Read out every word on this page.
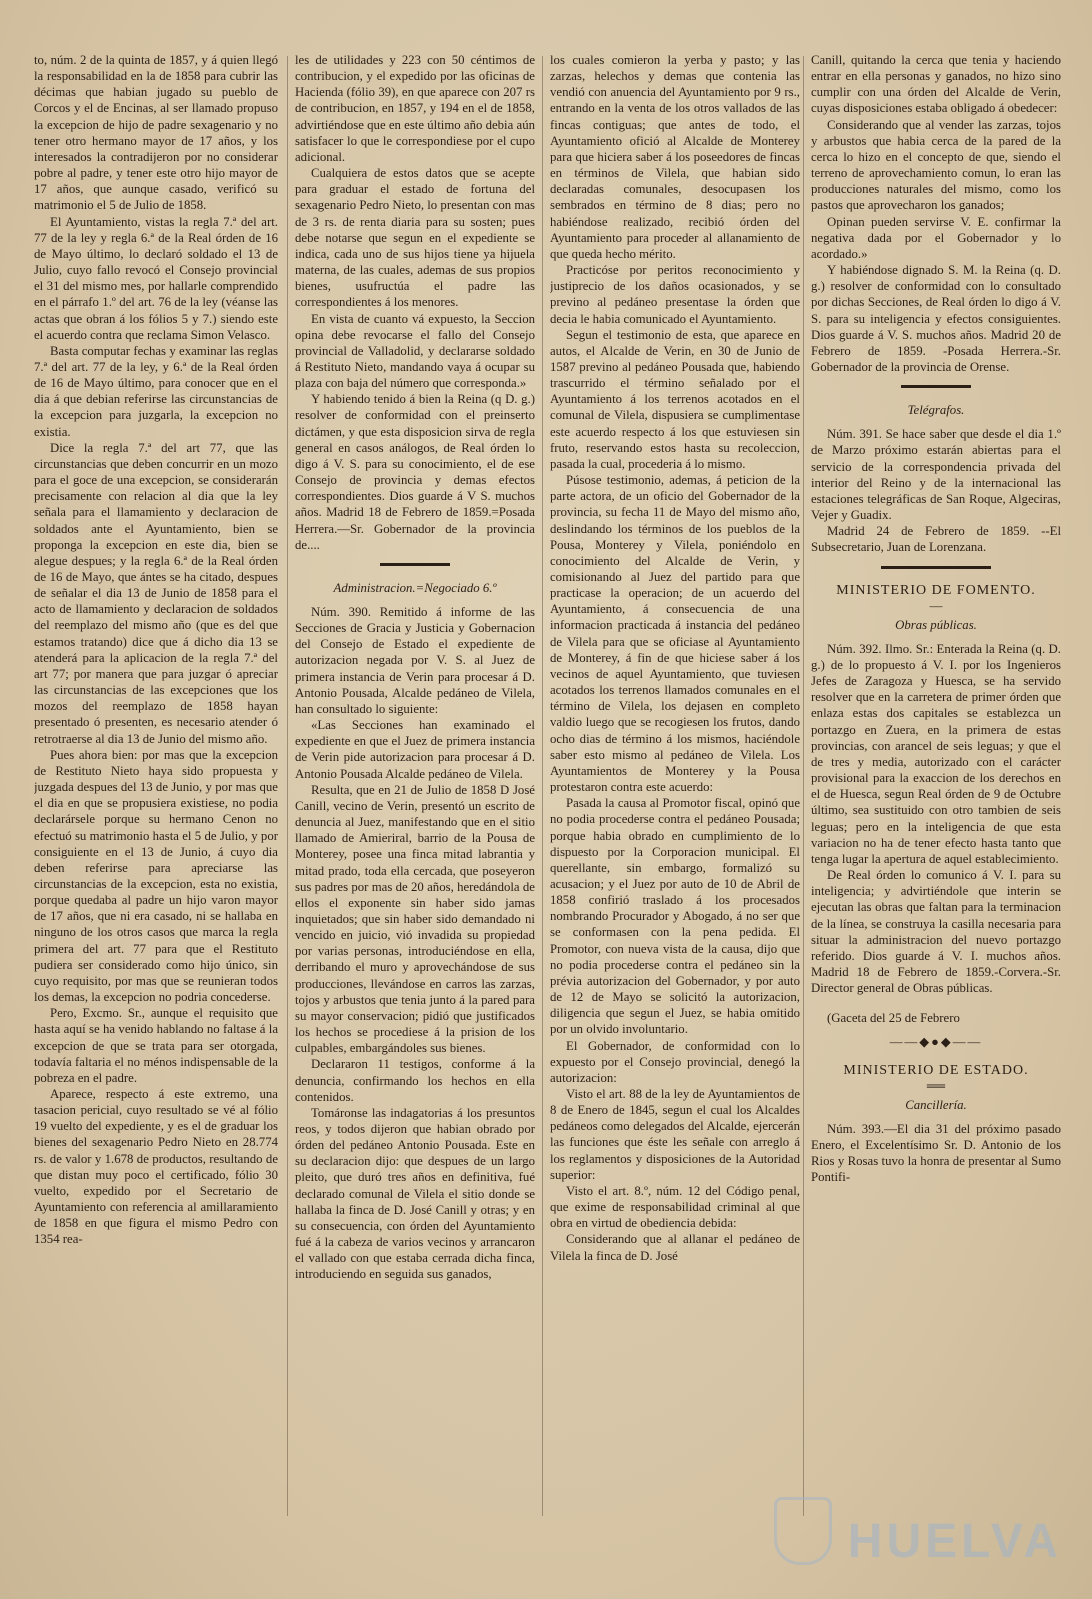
to, núm. 2 de la quinta de 1857, y á quien llegó la responsabilidad en la de 1858 para cubrir las décimas que habian jugado su pueblo de Corcos y el de Encinas, al ser llamado propuso la excepcion de hijo de padre sexagenario y no tener otro hermano mayor de 17 años, y los interesados la contradijeron por no considerar pobre al padre, y tener este otro hijo mayor de 17 años, que aunque casado, verificó su matrimonio el 5 de Julio de 1858.

El Ayuntamiento, vistas la regla 7.ª del art. 77 de la ley y regla 6.ª de la Real órden de 16 de Mayo último, lo declaró soldado el 13 de Julio, cuyo fallo revocó el Consejo provincial el 31 del mismo mes, por hallarle comprendido en el párrafo 1.º del art. 76 de la ley (véanse las actas que obran á los fólios 5 y 7.) siendo este el acuerdo contra que reclama Simon Velasco.

Basta computar fechas y examinar las reglas 7.ª del art. 77 de la ley, y 6.ª de la Real órden de 16 de Mayo último, para conocer que en el dia á que debian referirse las circunstancias de la excepcion para juzgarla, la excepcion no existia.

Dice la regla 7.ª del art 77, que las circunstancias que deben concurrir en un mozo para el goce de una excepcion, se considerarán precisamente con relacion al dia que la ley señala para el llamamiento y declaracion de soldados ante el Ayuntamiento, bien se proponga la excepcion en este dia, bien se alegue despues; y la regla 6.ª de la Real órden de 16 de Mayo, que ántes se ha citado, despues de señalar el dia 13 de Junio de 1858 para el acto de llamamiento y declaracion de soldados del reemplazo del mismo año (que es del que estamos tratando) dice que á dicho dia 13 se atenderá para la aplicacion de la regla 7.ª del art 77; por manera que para juzgar ó apreciar las circunstancias de las excepciones que los mozos del reemplazo de 1858 hayan presentado ó presenten, es necesario atender ó retrotraerse al dia 13 de Junio del mismo año.

Pues ahora bien: por mas que la excepcion de Restituto Nieto haya sido propuesta y juzgada despues del 13 de Junio, y por mas que el dia en que se propusiera existiese, no podia declarársele porque su hermano Cenon no efectuó su matrimonio hasta el 5 de Julio, y por consiguiente en el 13 de Junio, á cuyo dia deben referirse para apreciarse las circunstancias de la excepcion, esta no existia, porque quedaba al padre un hijo varon mayor de 17 años, que ni era casado, ni se hallaba en ninguno de los otros casos que marca la regla primera del art. 77 para que el Restituto pudiera ser considerado como hijo único, sin cuyo requisito, por mas que se reunieran todos los demas, la excepcion no podria concederse.

Pero, Excmo. Sr., aunque el requisito que hasta aquí se ha venido hablando no faltase á la excepcion de que se trata para ser otorgada, todavía faltaria el no ménos indispensable de la pobreza en el padre.

Aparece, respecto á este extremo, una tasacion pericial, cuyo resultado se vé al fólio 19 vuelto del expediente, y es el de graduar los bienes del sexagenario Pedro Nieto en 28.774 rs. de valor y 1.678 de productos, resultando de que distan muy poco el certificado, fólio 30 vuelto, expedido por el Secretario de Ayuntamiento con referencia al amillaramiento de 1858 en que figura el mismo Pedro con 1354 rea-

les de utilidades y 223 con 50 céntimos de contribucion, y el expedido por las oficinas de Hacienda (fólio 39), en que aparece con 207 rs de contribucion, en 1857, y 194 en el de 1858, advirtiéndose que en este último año debia aún satisfacer lo que le correspondiese por el cupo adicional.

Cualquiera de estos datos que se acepte para graduar el estado de fortuna del sexagenario Pedro Nieto, lo presentan con mas de 3 rs. de renta diaria para su sosten; pues debe notarse que segun en el expediente se indica, cada uno de sus hijos tiene ya hijuela materna, de las cuales, ademas de sus propios bienes, usufructúa el padre las correspondientes á los menores.

En vista de cuanto vá expuesto, la Seccion opina debe revocarse el fallo del Consejo provincial de Valladolid, y declararse soldado á Restituto Nieto, mandando vaya á ocupar su plaza con baja del número que corresponda.»

Y habiendo tenido á bien la Reina (q D. g.) resolver de conformidad con el preinserto dictámen, y que esta disposicion sirva de regla general en casos análogos, de Real órden lo digo á V. S. para su conocimiento, el de ese Consejo de provincia y demas efectos correspondientes. Dios guarde á V S. muchos años. Madrid 18 de Febrero de 1859.=Posada Herrera.—Sr. Gobernador de la provincia de....

Administracion.=Negociado 6.º

Núm. 390. Remitido á informe de las Secciones de Gracia y Justicia y Gobernacion del Consejo de Estado el expediente de autorizacion negada por V. S. al Juez de primera instancia de Verin para procesar á D. Antonio Pousada, Alcalde pedáneo de Vilela, han consultado lo siguiente:

«Las Secciones han examinado el expediente en que el Juez de primera instancia de Verin pide autorizacion para procesar á D. Antonio Pousada Alcalde pedáneo de Vilela.

Resulta, que en 21 de Julio de 1858 D José Canill, vecino de Verin, presentó un escrito de denuncia al Juez, manifestando que en el sitio llamado de Amieriral, barrio de la Pousa de Monterey, posee una finca mitad labrantia y mitad prado, toda ella cercada, que poseyeron sus padres por mas de 20 años, heredándola de ellos el exponente sin haber sido jamas inquietados; que sin haber sido demandado ni vencido en juicio, vió invadida su propiedad por varias personas, introduciéndose en ella, derribando el muro y aprovechándose de sus producciones, llevándose en carros las zarzas, tojos y arbustos que tenia junto á la pared para su mayor conservacion; pidió que justificados los hechos se procediese á la prision de los culpables, embargándoles sus bienes.

Declararon 11 testigos, conforme á la denuncia, confirmando los hechos en ella contenidos.

Tomáronse las indagatorias á los presuntos reos, y todos dijeron que habian obrado por órden del pedáneo Antonio Pousada. Este en su declaracion dijo: que despues de un largo pleito, que duró tres años en definitiva, fué declarado comunal de Vilela el sitio donde se hallaba la finca de D. José Canill y otras; y en su consecuencia, con órden del Ayuntamiento fué á la cabeza de varios vecinos y arrancaron el vallado con que estaba cerrada dicha finca, introduciendo en seguida sus ganados,

los cuales comieron la yerba y pasto; y las zarzas, helechos y demas que contenia las vendió con anuencia del Ayuntamiento por 9 rs., entrando en la venta de los otros vallados de las fincas contiguas; que antes de todo, el Ayuntamiento ofició al Alcalde de Monterey para que hiciera saber á los poseedores de fincas en términos de Vilela, que habian sido declaradas comunales, desocupasen los sembrados en término de 8 dias; pero no habiéndose realizado, recibió órden del Ayuntamiento para proceder al allanamiento de que queda hecho mérito.

Practicóse por peritos reconocimiento y justiprecio de los daños ocasionados, y se previno al pedáneo presentase la órden que decia le habia comunicado el Ayuntamiento.

Segun el testimonio de esta, que aparece en autos, el Alcalde de Verin, en 30 de Junio de 1587 previno al pedáneo Pousada que, habiendo trascurrido el término señalado por el Ayuntamiento á los terrenos acotados en el comunal de Vilela, dispusiera se cumplimentase este acuerdo respecto á los que estuviesen sin fruto, reservando estos hasta su recoleccion, pasada la cual, procederia á lo mismo.

Púsose testimonio, ademas, á peticion de la parte actora, de un oficio del Gobernador de la provincia, su fecha 11 de Mayo del mismo año, deslindando los términos de los pueblos de la Pousa, Monterey y Vilela, poniéndolo en conocimiento del Alcalde de Verin, y comisionando al Juez del partido para que practicase la operacion; de un acuerdo del Ayuntamiento, á consecuencia de una informacion practicada á instancia del pedáneo de Vilela para que se oficiase al Ayuntamiento de Monterey, á fin de que hiciese saber á los vecinos de aquel Ayuntamiento, que tuviesen acotados los terrenos llamados comunales en el término de Vilela, los dejasen en completo valdio luego que se recogiesen los frutos, dando ocho dias de término á los mismos, haciéndole saber esto mismo al pedáneo de Vilela. Los Ayuntamientos de Monterey y la Pousa protestaron contra este acuerdo:

Pasada la causa al Promotor fiscal, opinó que no podia procederse contra el pedáneo Pousada; porque habia obrado en cumplimiento de lo dispuesto por la Corporacion municipal. El querellante, sin embargo, formalizó su acusacion; y el Juez por auto de 10 de Abril de 1858 confirió traslado á los procesados nombrando Procurador y Abogado, á no ser que se conformasen con la pena pedida. El Promotor, con nueva vista de la causa, dijo que no podia procederse contra el pedáneo sin la prévia autorizacion del Gobernador, y por auto de 12 de Mayo se solicitó la autorizacion, diligencia que segun el Juez, se habia omitido por un olvido involuntario.

El Gobernador, de conformidad con lo expuesto por el Consejo provincial, denegó la autorizacion:

Visto el art. 88 de la ley de Ayuntamientos de 8 de Enero de 1845, segun el cual los Alcaldes pedáneos como delegados del Alcalde, ejercerán las funciones que éste les señale con arreglo á los reglamentos y disposiciones de la Autoridad superior:

Visto el art. 8.º, núm. 12 del Código penal, que exime de responsabilidad criminal al que obra en virtud de obediencia debida:

Considerando que al allanar el pedáneo de Vilela la finca de D. José

Canill, quitando la cerca que tenia y haciendo entrar en ella personas y ganados, no hizo sino cumplir con una órden del Alcalde de Verin, cuyas disposiciones estaba obligado á obedecer:

Considerando que al vender las zarzas, tojos y arbustos que habia cerca de la pared de la cerca lo hizo en el concepto de que, siendo el terreno de aprovechamiento comun, lo eran las producciones naturales del mismo, como los pastos que aprovecharon los ganados;

Opinan pueden servirse V. E. confirmar la negativa dada por el Gobernador y lo acordado.»

Y habiéndose dignado S. M. la Reina (q. D. g.) resolver de conformidad con lo consultado por dichas Secciones, de Real órden lo digo á V. S. para su inteligencia y efectos consiguientes. Dios guarde á V. S. muchos años. Madrid 20 de Febrero de 1859. -Posada Herrera.-Sr. Gobernador de la provincia de Orense.

Telégrafos.

Núm. 391. Se hace saber que desde el dia 1.º de Marzo próximo estarán abiertas para el servicio de la correspondencia privada del interior del Reino y de la internacional las estaciones telegráficas de San Roque, Algeciras, Vejer y Guadix.

Madrid 24 de Febrero de 1859. --El Subsecretario, Juan de Lorenzana.

MINISTERIO DE FOMENTO.
—
Obras públicas.

Núm. 392. Ilmo. Sr.: Enterada la Reina (q. D. g.) de lo propuesto á V. I. por los Ingenieros Jefes de Zaragoza y Huesca, se ha servido resolver que en la carretera de primer órden que enlaza estas dos capitales se establezca un portazgo en Zuera, en la primera de estas provincias, con arancel de seis leguas; y que el de tres y media, autorizado con el carácter provisional para la exaccion de los derechos en el de Huesca, segun Real órden de 9 de Octubre último, sea sustituido con otro tambien de seis leguas; pero en la inteligencia de que esta variacion no ha de tener efecto hasta tanto que tenga lugar la apertura de aquel establecimiento.

De Real órden lo comunico á V. I. para su inteligencia; y advirtiéndole que interin se ejecutan las obras que faltan para la terminacion de la línea, se construya la casilla necesaria para situar la administracion del nuevo portazgo referido. Dios guarde á V. I. muchos años. Madrid 18 de Febrero de 1859.-Corvera.-Sr. Director general de Obras públicas.

(Gaceta del 25 de Febrero

——◆●◆——
MINISTERIO DE ESTADO.
══
Cancillería.

Núm. 393.—El dia 31 del próximo pasado Enero, el Excelentísimo Sr. D. Antonio de los Rios y Rosas tuvo la honra de presentar al Sumo Pontifi-

HUELVA
